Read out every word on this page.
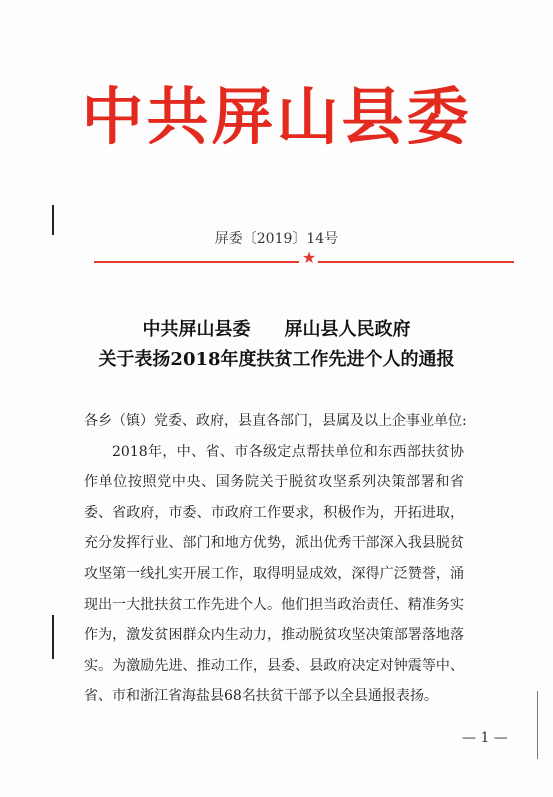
中共屏山县委
屏委〔2019〕14号
★
中共屏山县委 屏山县人民政府
关于表扬2018年度扶贫工作先进个人的通报
各乡（镇）党委、政府，县直各部门，县属及以上企事业单位:
2018年，中、省、市各级定点帮扶单位和东西部扶贫协作单位按照党中央、国务院关于脱贫攻坚系列决策部署和省委、省政府，市委、市政府工作要求，积极作为，开拓进取，充分发挥行业、部门和地方优势，派出优秀干部深入我县脱贫攻坚第一线扎实开展工作，取得明显成效，深得广泛赞誉，涌现出一大批扶贫工作先进个人。他们担当政治责任、精准务实作为，激发贫困群众内生动力，推动脱贫攻坚决策部署落地落实。为激励先进、推动工作，县委、县政府决定对钟震等中、省、市和浙江省海盐县68名扶贫干部予以全县通报表扬。
— 1 —
